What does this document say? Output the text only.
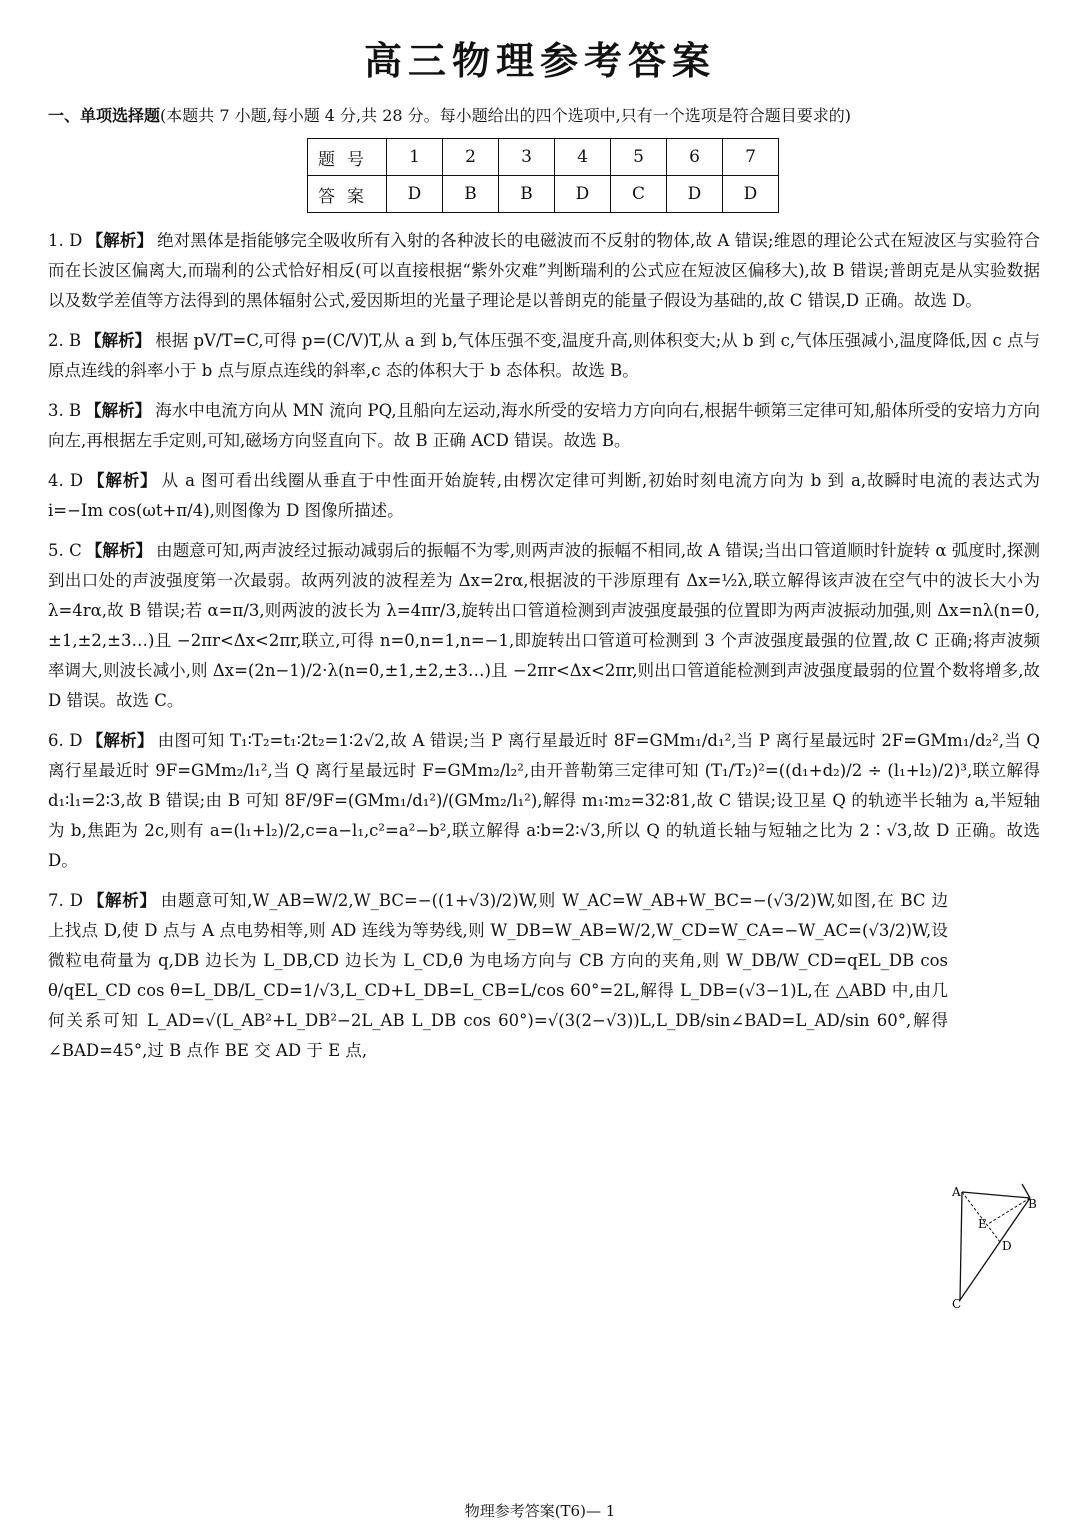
高三物理参考答案
一、单项选择题(本题共 7 小题,每小题 4 分,共 28 分。每小题给出的四个选项中,只有一个选项是符合题目要求的)
题号	1	2	3	4	5	6	7
答案	D	B	B	D	C	D	D
1. D 【解析】 绝对黑体是指能够完全吸收所有入射的各种波长的电磁波而不反射的物体,故 A 错误;维恩的理论公式在短波区与实验符合而在长波区偏离大,而瑞利的公式恰好相反(可以直接根据“紫外灾难”判断瑞利的公式应在短波区偏移大),故 B 错误;普朗克是从实验数据以及数学差值等方法得到的黑体辐射公式,爱因斯坦的光量子理论是以普朗克的能量子假设为基础的,故 C 错误,D 正确。故选 D。
2. B 【解析】 根据 pV/T=C,可得 p=(C/V)T,从 a 到 b,气体压强不变,温度升高,则体积变大;从 b 到 c,气体压强减小,温度降低,因 c 点与原点连线的斜率小于 b 点与原点连线的斜率,c 态的体积大于 b 态体积。故选 B。
3. B 【解析】 海水中电流方向从 MN 流向 PQ,且船向左运动,海水所受的安培力方向向右,根据牛顿第三定律可知,船体所受的安培力方向向左,再根据左手定则,可知,磁场方向竖直向下。故 B 正确 ACD 错误。故选 B。
4. D 【解析】 从 a 图可看出线圈从垂直于中性面开始旋转,由楞次定律可判断,初始时刻电流方向为 b 到 a,故瞬时电流的表达式为 i=−Im cos(ωt+π/4),则图像为 D 图像所描述。
5. C 【解析】 由题意可知,两声波经过振动减弱后的振幅不为零,则两声波的振幅不相同,故 A 错误;当出口管道顺时针旋转 α 弧度时,探测到出口处的声波强度第一次最弱。故两列波的波程差为 Δx=2rα,根据波的干涉原理有 Δx=½λ,联立解得该声波在空气中的波长大小为 λ=4rα,故 B 错误;若 α=π/3,则两波的波长为 λ=4πr/3,旋转出口管道检测到声波强度最强的位置即为两声波振动加强,则 Δx=nλ(n=0,±1,±2,±3…)且 −2πr<Δx<2πr,联立,可得 n=0,n=1,n=−1,即旋转出口管道可检测到 3 个声波强度最强的位置,故 C 正确;将声波频率调大,则波长减小,则 Δx=(2n−1)/2·λ(n=0,±1,±2,±3…)且 −2πr<Δx<2πr,则出口管道能检测到声波强度最弱的位置个数将增多,故 D 错误。故选 C。
6. D 【解析】 由图可知 T₁∶T₂=t₁∶2t₂=1∶2√2,故 A 错误;当 P 离行星最近时 8F=GMm₁/d₁²,当 P 离行星最远时 2F=GMm₁/d₂²,当 Q 离行星最近时 9F=GMm₂/l₁²,当 Q 离行星最远时 F=GMm₂/l₂²,由开普勒第三定律可知 (T₁/T₂)²=((d₁+d₂)/2 ÷ (l₁+l₂)/2)³,联立解得 d₁∶l₁=2∶3,故 B 错误;由 B 可知 8F/9F=(GMm₁/d₁²)/(GMm₂/l₁²),解得 m₁∶m₂=32∶81,故 C 错误;设卫星 Q 的轨迹半长轴为 a,半短轴为 b,焦距为 2c,则有 a=(l₁+l₂)/2,c=a−l₁,c²=a²−b²,联立解得 a∶b=2∶√3,所以 Q 的轨道长轴与短轴之比为 2∶√3,故 D 正确。故选 D。
7. D 【解析】 由题意可知,W_AB=W/2,W_BC=−((1+√3)/2)W,则 W_AC=W_AB+W_BC=−(√3/2)W,如图,在 BC 边上找点 D,使 D 点与 A 点电势相等,则 AD 连线为等势线,则 W_DB=W_AB=W/2,W_CD=W_CA=−W_AC=(√3/2)W,设微粒电荷量为 q,DB 边长为 L_DB,CD 边长为 L_CD,θ 为电场方向与 CB 方向的夹角,则 W_DB/W_CD=qEL_DB cos θ/qEL_CD cos θ=L_DB/L_CD=1/√3,L_CD+L_DB=L_CB=L/cos 60°=2L,解得 L_DB=(√3−1)L,在 △ABD 中,由几何关系可知 L_AD=√(L_AB²+L_DB²−2L_AB L_DB cos 60°)=√(3(2−√3))L,L_DB/sin∠BAD=L_AD/sin 60°,解得 ∠BAD=45°,过 B 点作 BE 交 AD 于 E 点,
A
B
C
D
E
物理参考答案(T6)— 1
